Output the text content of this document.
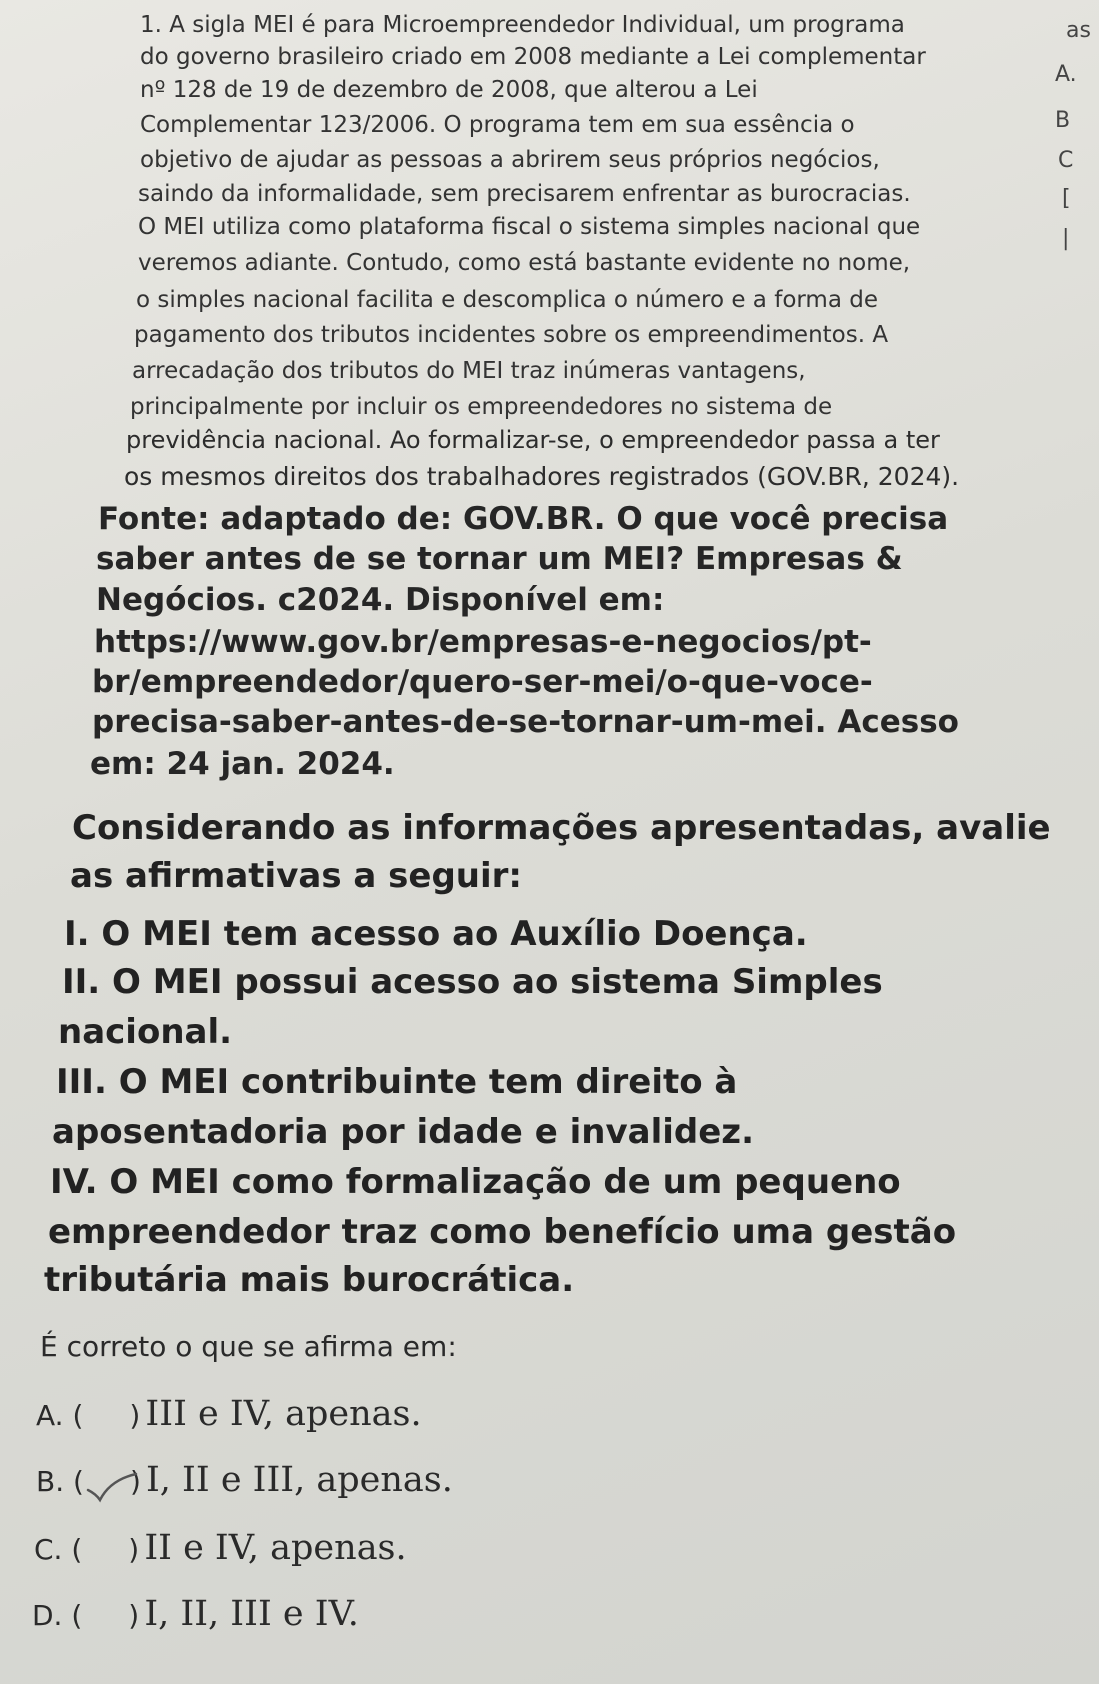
as
A.
B
C
[
|
1. A sigla MEI é para Microempreendedor Individual, um programa
do governo brasileiro criado em 2008 mediante a Lei complementar
nº 128 de 19 de dezembro de 2008, que alterou a Lei
Complementar 123/2006. O programa tem em sua essência o
objetivo de ajudar as pessoas a abrirem seus próprios negócios,
saindo da informalidade, sem precisarem enfrentar as burocracias.
O MEI utiliza como plataforma fiscal o sistema simples nacional que
veremos adiante. Contudo, como está bastante evidente no nome,
o simples nacional facilita e descomplica o número e a forma de
pagamento dos tributos incidentes sobre os empreendimentos. A
arrecadação dos tributos do MEI traz inúmeras vantagens,
principalmente por incluir os empreendedores no sistema de
previdência nacional. Ao formalizar-se, o empreendedor passa a ter
os mesmos direitos dos trabalhadores registrados (GOV.BR, 2024).
Fonte: adaptado de: GOV.BR. O que você precisa
saber antes de se tornar um MEI? Empresas &
Negócios. c2024. Disponível em:
https://www.gov.br/empresas-e-negocios/pt-
br/empreendedor/quero-ser-mei/o-que-voce-
precisa-saber-antes-de-se-tornar-um-mei. Acesso
em: 24 jan. 2024.
Considerando as informações apresentadas, avalie
as afirmativas a seguir:
I. O MEI tem acesso ao Auxílio Doença.
II. O MEI possui acesso ao sistema Simples
nacional.
III. O MEI contribuinte tem direito à
aposentadoria por idade e invalidez.
IV. O MEI como formalização de um pequeno
empreendedor traz como benefício uma gestão
tributária mais burocrática.
É correto o que se afirma em:
A. ( ) III e IV, apenas.
B. ( ) I, II e III, apenas.
C. ( ) II e IV, apenas.
D. ( ) I, II, III e IV.
